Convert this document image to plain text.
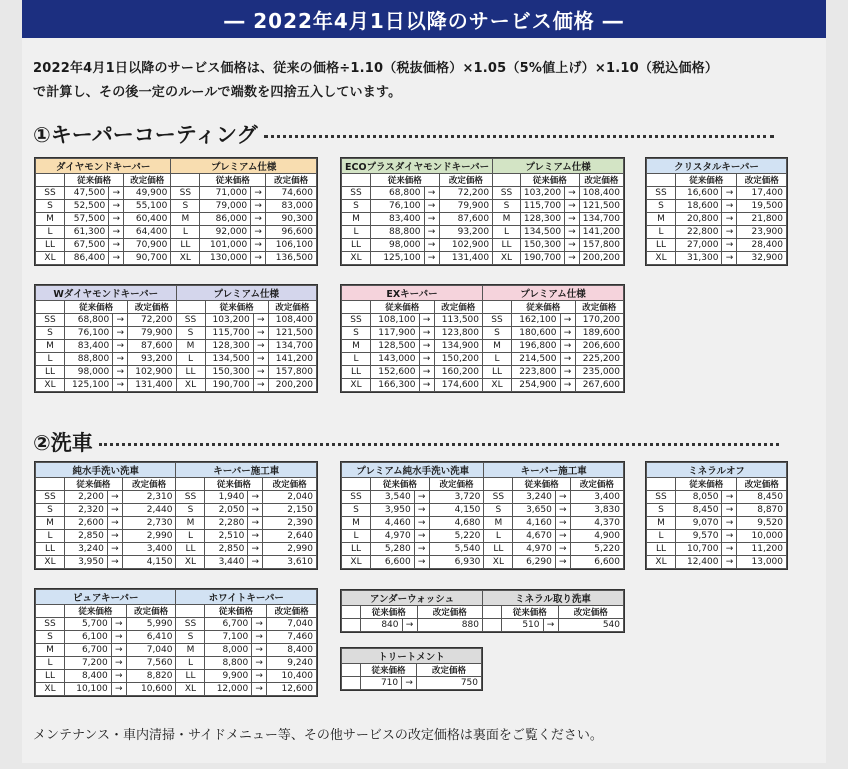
― 2022年4月1日以降のサービス価格 ―
2022年4月1日以降のサービス価格は、従来の価格÷1.10（税抜価格）×1.05（5%値上げ）×1.10（税込価格）
で計算し、その後一定のルールで端数を四捨五入しています。
①キーパーコーティング
②洗車
ダイヤモンドキーパー				プレミアム仕様			
	従来価格		改定価格		従来価格		改定価格
SS	47,500	→	49,900	SS	71,000	→	74,600
S	52,500	→	55,100	S	79,000	→	83,000
M	57,500	→	60,400	M	86,000	→	90,300
L	61,300	→	64,400	L	92,000	→	96,600
LL	67,500	→	70,900	LL	101,000	→	106,100
XL	86,400	→	90,700	XL	130,000	→	136,500
ECOプラスダイヤモンドキーパー				プレミアム仕様			
	従来価格		改定価格		従来価格		改定価格
SS	68,800	→	72,200	SS	103,200	→	108,400
S	76,100	→	79,900	S	115,700	→	121,500
M	83,400	→	87,600	M	128,300	→	134,700
L	88,800	→	93,200	L	134,500	→	141,200
LL	98,000	→	102,900	LL	150,300	→	157,800
XL	125,100	→	131,400	XL	190,700	→	200,200
クリスタルキーパー			
	従来価格		改定価格
SS	16,600	→	17,400
S	18,600	→	19,500
M	20,800	→	21,800
L	22,800	→	23,900
LL	27,000	→	28,400
XL	31,300	→	32,900
Wダイヤモンドキーパー				プレミアム仕様			
	従来価格		改定価格		従来価格		改定価格
SS	68,800	→	72,200	SS	103,200	→	108,400
S	76,100	→	79,900	S	115,700	→	121,500
M	83,400	→	87,600	M	128,300	→	134,700
L	88,800	→	93,200	L	134,500	→	141,200
LL	98,000	→	102,900	LL	150,300	→	157,800
XL	125,100	→	131,400	XL	190,700	→	200,200
EXキーパー				プレミアム仕様			
	従来価格		改定価格		従来価格		改定価格
SS	108,100	→	113,500	SS	162,100	→	170,200
S	117,900	→	123,800	S	180,600	→	189,600
M	128,500	→	134,900	M	196,800	→	206,600
L	143,000	→	150,200	L	214,500	→	225,200
LL	152,600	→	160,200	LL	223,800	→	235,000
XL	166,300	→	174,600	XL	254,900	→	267,600
純水手洗い洗車				キーパー施工車			
	従来価格		改定価格		従来価格		改定価格
SS	2,200	→	2,310	SS	1,940	→	2,040
S	2,320	→	2,440	S	2,050	→	2,150
M	2,600	→	2,730	M	2,280	→	2,390
L	2,850	→	2,990	L	2,510	→	2,640
LL	3,240	→	3,400	LL	2,850	→	2,990
XL	3,950	→	4,150	XL	3,440	→	3,610
プレミアム純水手洗い洗車				キーパー施工車			
	従来価格		改定価格		従来価格		改定価格
SS	3,540	→	3,720	SS	3,240	→	3,400
S	3,950	→	4,150	S	3,650	→	3,830
M	4,460	→	4,680	M	4,160	→	4,370
L	4,970	→	5,220	L	4,670	→	4,900
LL	5,280	→	5,540	LL	4,970	→	5,220
XL	6,600	→	6,930	XL	6,290	→	6,600
ミネラルオフ			
	従来価格		改定価格
SS	8,050	→	8,450
S	8,450	→	8,870
M	9,070	→	9,520
L	9,570	→	10,000
LL	10,700	→	11,200
XL	12,400	→	13,000
ピュアキーパー				ホワイトキーパー			
	従来価格		改定価格		従来価格		改定価格
SS	5,700	→	5,990	SS	6,700	→	7,040
S	6,100	→	6,410	S	7,100	→	7,460
M	6,700	→	7,040	M	8,000	→	8,400
L	7,200	→	7,560	L	8,800	→	9,240
LL	8,400	→	8,820	LL	9,900	→	10,400
XL	10,100	→	10,600	XL	12,000	→	12,600
アンダーウォッシュ				ミネラル取り洗車			
	従来価格		改定価格		従来価格		改定価格
	840	→	880		510	→	540
トリートメント			
	従来価格		改定価格
	710	→	750
メンテナンス・車内清掃・サイドメニュー等、その他サービスの改定価格は裏面をご覧ください。
